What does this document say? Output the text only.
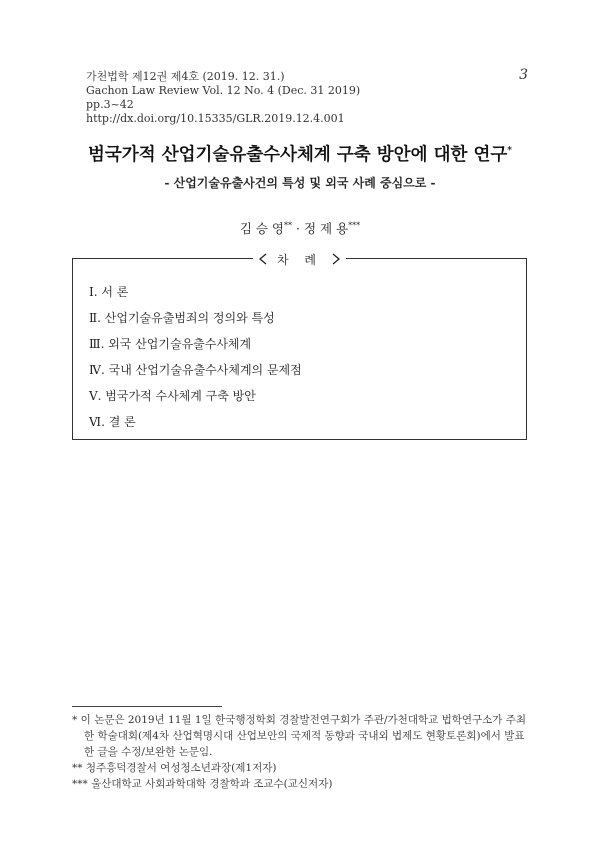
가천법학 제12권 제4호 (2019. 12. 31.)
Gachon Law Review Vol. 12 No. 4 (Dec. 31 2019)
pp.3~42
http://dx.doi.org/10.15335/GLR.2019.12.4.001
3
범국가적 산업기술유출수사체계 구축 방안에 대한 연구*
- 산업기술유출사건의 특성 및 외국 사례 중심으로 -
김 승 영** · 정 제 용***
차 례
Ⅰ. 서 론
Ⅱ. 산업기술유출범죄의 정의와 특성
Ⅲ. 외국 산업기술유출수사체계
Ⅳ. 국내 산업기술유출수사체계의 문제점
Ⅴ. 범국가적 수사체계 구축 방안
Ⅵ. 결 론
* 이 논문은 2019년 11월 1일 한국행정학회 경찰발전연구회가 주관/가천대학교 법학연구소가 주최한 학술대회(제4차 산업혁명시대 산업보안의 국제적 동향과 국내외 법제도 현황토론회)에서 발표한 글을 수정/보완한 논문임.
** 청주흥덕경찰서 여성청소년과장(제1저자)
*** 울산대학교 사회과학대학 경찰학과 조교수(교신저자)
